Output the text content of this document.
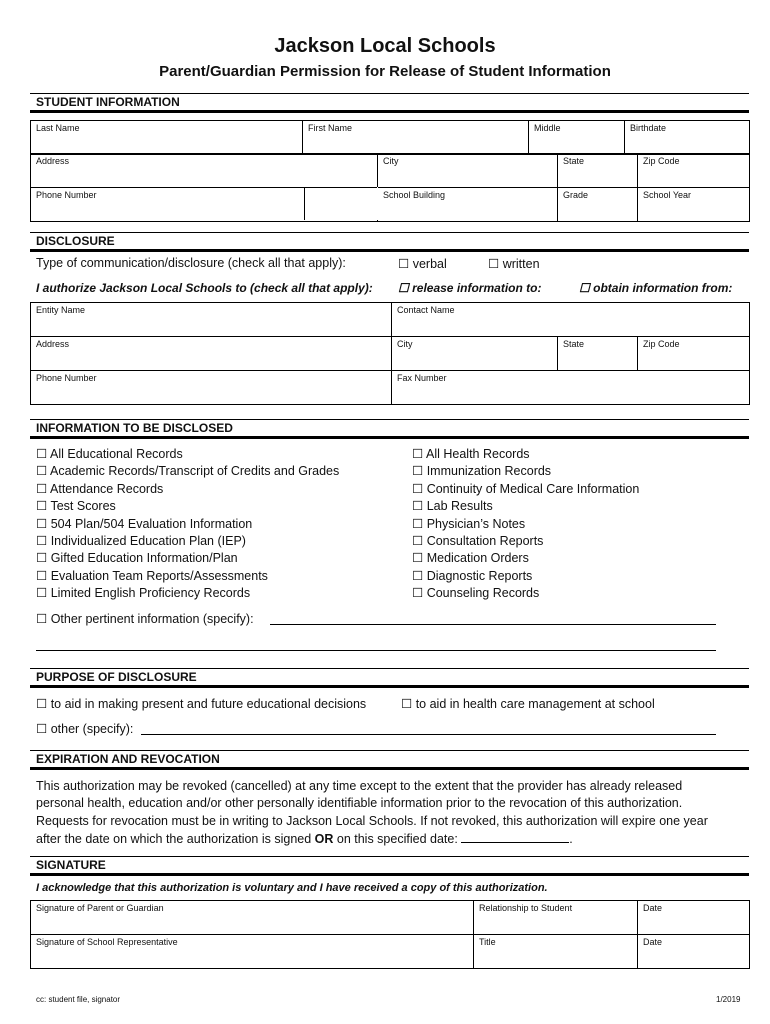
Jackson Local Schools
Parent/Guardian Permission for Release of Student Information
STUDENT INFORMATION
Last Name	First Name	Middle	Birthdate
Address	City	State	Zip Code
Phone Number	School Building	Grade	School Year
DISCLOSURE
Type of communication/disclosure (check all that apply):	☐ verbal	☐ written
I authorize Jackson Local Schools to (check all that apply): ☐ release information to:	☐ obtain information from:
Entity Name	Contact Name		
Address	City	State	Zip Code
Phone Number	Fax Number		
INFORMATION TO BE DISCLOSED
☐ All Educational Records
☐ Academic Records/Transcript of Credits and Grades
☐ Attendance Records
☐ Test Scores
☐ 504 Plan/504 Evaluation Information
☐ Individualized Education Plan (IEP)
☐ Gifted Education Information/Plan
☐ Evaluation Team Reports/Assessments
☐ Limited English Proficiency Records
☐ All Health Records
☐ Immunization Records
☐ Continuity of Medical Care Information
☐ Lab Results
☐ Physician’s Notes
☐ Consultation Reports
☐ Medication Orders
☐ Diagnostic Reports
☐ Counseling Records
☐ Other pertinent information (specify):
PURPOSE OF DISCLOSURE
☐ to aid in making present and future educational decisions	☐ to aid in health care management at school
☐ other (specify):
EXPIRATION AND REVOCATION
This authorization may be revoked (cancelled) at any time except to the extent that the provider has already released
personal health, education and/or other personally identifiable information prior to the revocation of this authorization.
Requests for revocation must be in writing to Jackson Local Schools. If not revoked, this authorization will expire one year
after the date on which the authorization is signed OR on this specified date:	.
SIGNATURE
I acknowledge that this authorization is voluntary and I have received a copy of this authorization.
Signature of Parent or Guardian	Relationship to Student	Date
Signature of School Representative	Title	Date
cc: student file, signator	1/2019
